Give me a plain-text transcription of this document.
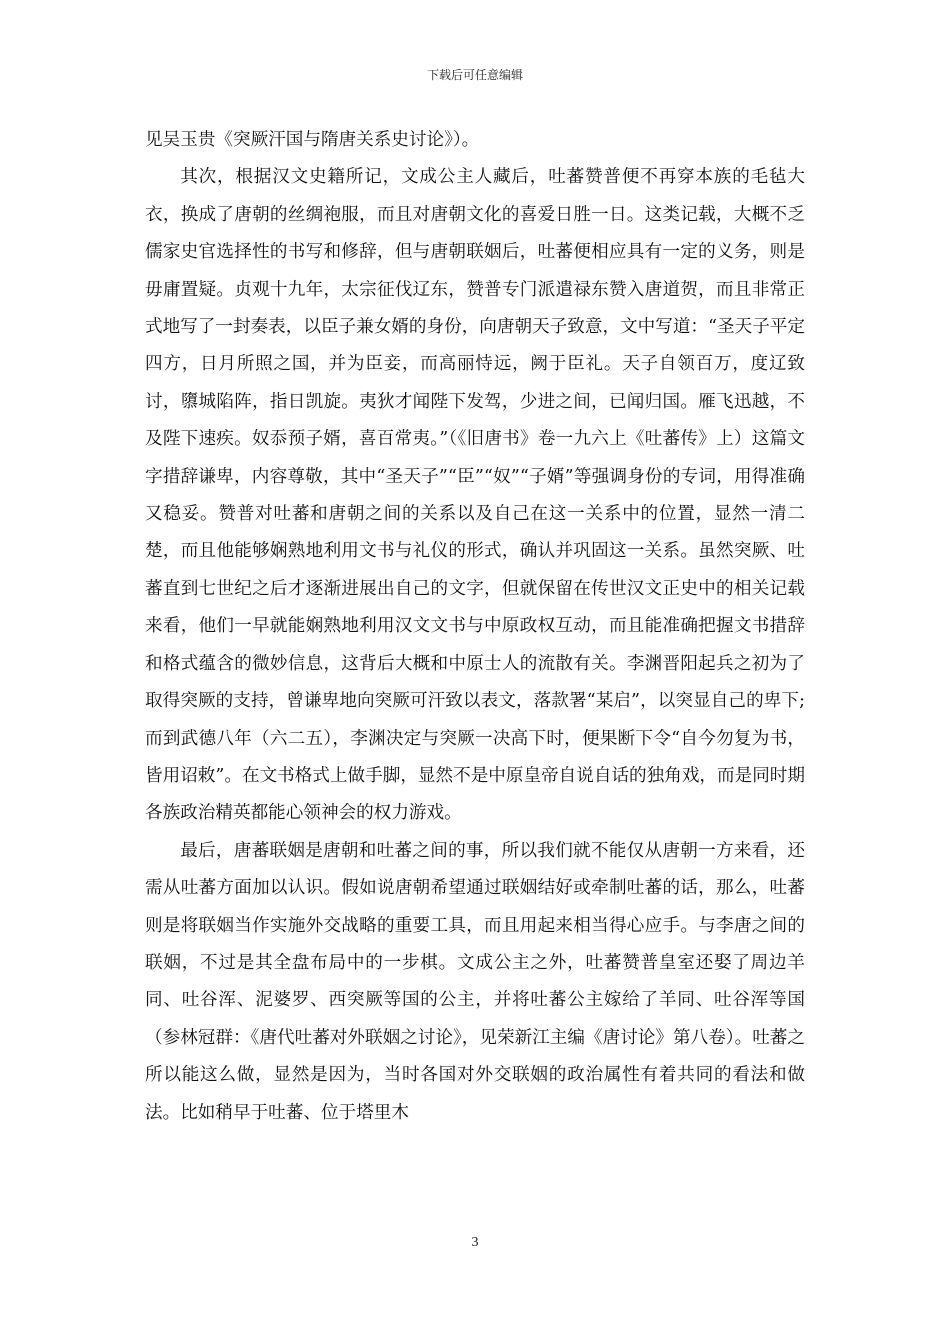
下载后可任意编辑

见吴玉贵《突厥汗国与隋唐关系史讨论》）。

其次，根据汉文史籍所记，文成公主人藏后，吐蕃赞普便不再穿本族的毛毡大衣，换成了唐朝的丝绸袍服，而且对唐朝文化的喜爱日胜一日。这类记载，大概不乏儒家史官选择性的书写和修辞，但与唐朝联姻后，吐蕃便相应具有一定的义务，则是毋庸置疑。贞观十九年，太宗征伐辽东，赞普专门派遣禄东赞入唐道贺，而且非常正式地写了一封奏表，以臣子兼女婿的身份，向唐朝天子致意，文中写道：“圣天子平定四方，日月所照之国，并为臣妾，而高丽恃远，阙于臣礼。天子自领百万，度辽致讨，隳城陷阵，指日凯旋。夷狄才闻陛下发驾，少进之间，已闻归国。雁飞迅越，不及陛下速疾。奴忝预子婿，喜百常夷。”（《旧唐书》卷一九六上《吐蕃传》上）这篇文字措辞谦卑，内容尊敬，其中“圣天子”“臣”“奴”“子婿”等强调身份的专词，用得准确又稳妥。赞普对吐蕃和唐朝之间的关系以及自己在这一关系中的位置，显然一清二楚，而且他能够娴熟地利用文书与礼仪的形式，确认并巩固这一关系。虽然突厥、吐蕃直到七世纪之后才逐渐进展出自己的文字，但就保留在传世汉文正史中的相关记载来看，他们一早就能娴熟地利用汉文文书与中原政权互动，而且能准确把握文书措辞和格式蕴含的微妙信息，这背后大概和中原士人的流散有关。李渊晋阳起兵之初为了取得突厥的支持，曾谦卑地向突厥可汗致以表文，落款署“某启”，以突显自己的卑下;而到武德八年（六二五），李渊决定与突厥一决高下时，便果断下令“自今勿复为书，皆用诏敕”。在文书格式上做手脚，显然不是中原皇帝自说自话的独角戏，而是同时期各族政治精英都能心领神会的权力游戏。

最后，唐蕃联姻是唐朝和吐蕃之间的事，所以我们就不能仅从唐朝一方来看，还需从吐蕃方面加以认识。假如说唐朝希望通过联姻结好或牵制吐蕃的话，那么，吐蕃则是将联姻当作实施外交战略的重要工具，而且用起来相当得心应手。与李唐之间的联姻，不过是其全盘布局中的一步棋。文成公主之外，吐蕃赞普皇室还娶了周边羊同、吐谷浑、泥婆罗、西突厥等国的公主，并将吐蕃公主嫁给了羊同、吐谷浑等国（参林冠群：《唐代吐蕃对外联姻之讨论》，见荣新江主编《唐讨论》第八卷）。吐蕃之所以能这么做，显然是因为，当时各国对外交联姻的政治属性有着共同的看法和做法。比如稍早于吐蕃、位于塔里木

3
